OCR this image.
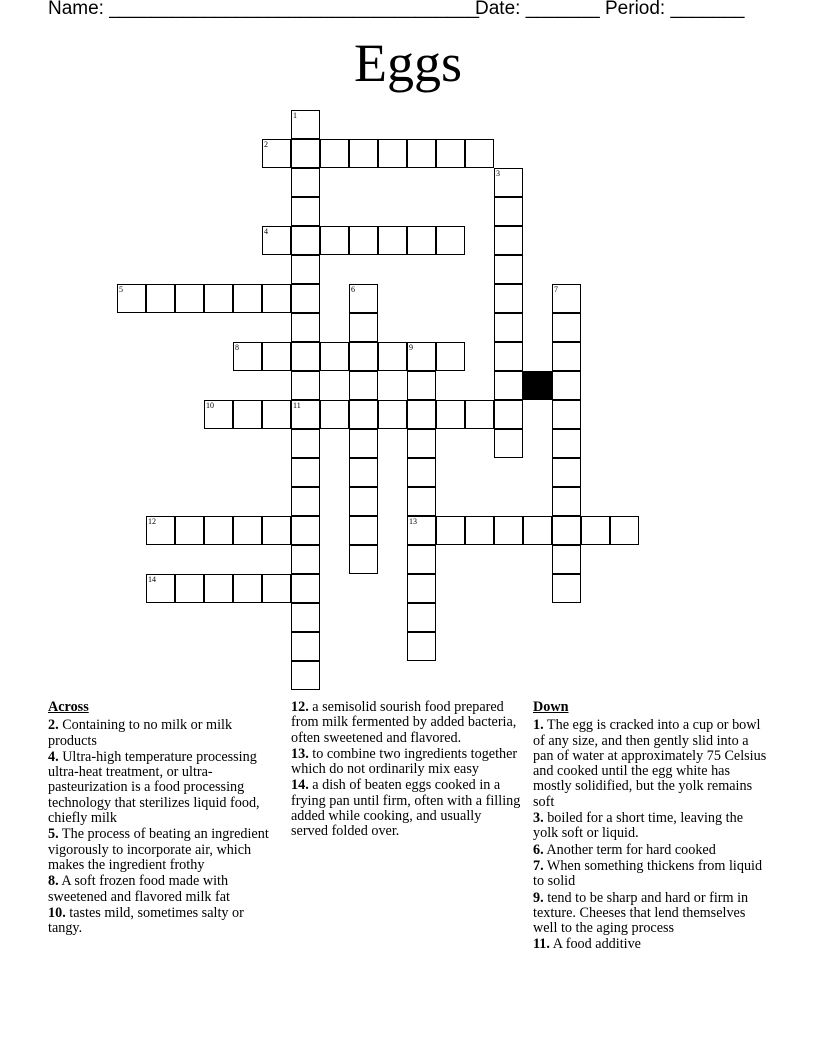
Name: ___________________________________
Date: _______ Period: _______
Eggs
1
2
3
4
5	6	7
8	9
10	11
12	13
14
Across
2. Containing to no milk or milk products
4. Ultra-high temperature processing ultra-heat treatment, or ultra-pasteurization is a food processing technology that sterilizes liquid food, chiefly milk
5. The process of beating an ingredient vigorously to incorporate air, which makes the ingredient frothy
8. A soft frozen food made with sweetened and flavored milk fat
10. tastes mild, sometimes salty or tangy.
12. a semisolid sourish food prepared from milk fermented by added bacteria, often sweetened and flavored.
13. to combine two ingredients together which do not ordinarily mix easy
14. a dish of beaten eggs cooked in a frying pan until firm, often with a filling added while cooking, and usually served folded over.
Down
1. The egg is cracked into a cup or bowl of any size, and then gently slid into a pan of water at approximately 75 Celsius and cooked until the egg white has mostly solidified, but the yolk remains soft
3. boiled for a short time, leaving the yolk soft or liquid.
6. Another term for hard cooked
7. When something thickens from liquid to solid
9. tend to be sharp and hard or firm in texture. Cheeses that lend themselves well to the aging process
11. A food additive
